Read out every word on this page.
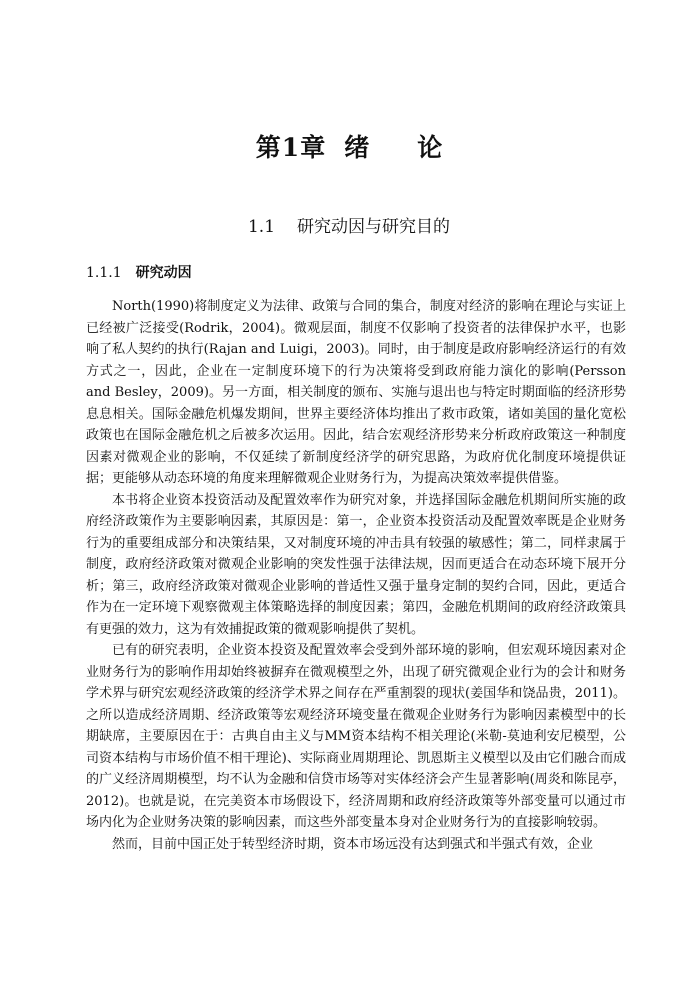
第1章 绪论
1.1 研究动因与研究目的
1.1.1 研究动因

North(1990)将制度定义为法律、政策与合同的集合，制度对经济的影响在理论与实证上已经被广泛接受(Rodrik，2004)。微观层面，制度不仅影响了投资者的法律保护水平，也影响了私人契约的执行(Rajan and Luigi，2003)。同时，由于制度是政府影响经济运行的有效方式之一，因此，企业在一定制度环境下的行为决策将受到政府能力演化的影响(Persson and Besley，2009)。另一方面，相关制度的颁布、实施与退出也与特定时期面临的经济形势息息相关。国际金融危机爆发期间，世界主要经济体均推出了救市政策，诸如美国的量化宽松政策也在国际金融危机之后被多次运用。因此，结合宏观经济形势来分析政府政策这一种制度因素对微观企业的影响，不仅延续了新制度经济学的研究思路，为政府优化制度环境提供证据；更能够从动态环境的角度来理解微观企业财务行为，为提高决策效率提供借鉴。

本书将企业资本投资活动及配置效率作为研究对象，并选择国际金融危机期间所实施的政府经济政策作为主要影响因素，其原因是：第一，企业资本投资活动及配置效率既是企业财务行为的重要组成部分和决策结果，又对制度环境的冲击具有较强的敏感性；第二，同样隶属于制度，政府经济政策对微观企业影响的突发性强于法律法规，因而更适合在动态环境下展开分析；第三，政府经济政策对微观企业影响的普适性又强于量身定制的契约合同，因此，更适合作为在一定环境下观察微观主体策略选择的制度因素；第四，金融危机期间的政府经济政策具有更强的效力，这为有效捕捉政策的微观影响提供了契机。

已有的研究表明，企业资本投资及配置效率会受到外部环境的影响，但宏观环境因素对企业财务行为的影响作用却始终被摒弃在微观模型之外，出现了研究微观企业行为的会计和财务学术界与研究宏观经济政策的经济学术界之间存在严重割裂的现状(姜国华和饶品贵，2011)。之所以造成经济周期、经济政策等宏观经济环境变量在微观企业财务行为影响因素模型中的长期缺席，主要原因在于：古典自由主义与MM资本结构不相关理论(米勒-莫迪利安尼模型，公司资本结构与市场价值不相干理论)、实际商业周期理论、凯恩斯主义模型以及由它们融合而成的广义经济周期模型，均不认为金融和信贷市场等对实体经济会产生显著影响(周炎和陈昆亭，2012)。也就是说，在完美资本市场假设下，经济周期和政府经济政策等外部变量可以通过市场内化为企业财务决策的影响因素，而这些外部变量本身对企业财务行为的直接影响较弱。

然而，目前中国正处于转型经济时期，资本市场远没有达到强式和半强式有效，企业
